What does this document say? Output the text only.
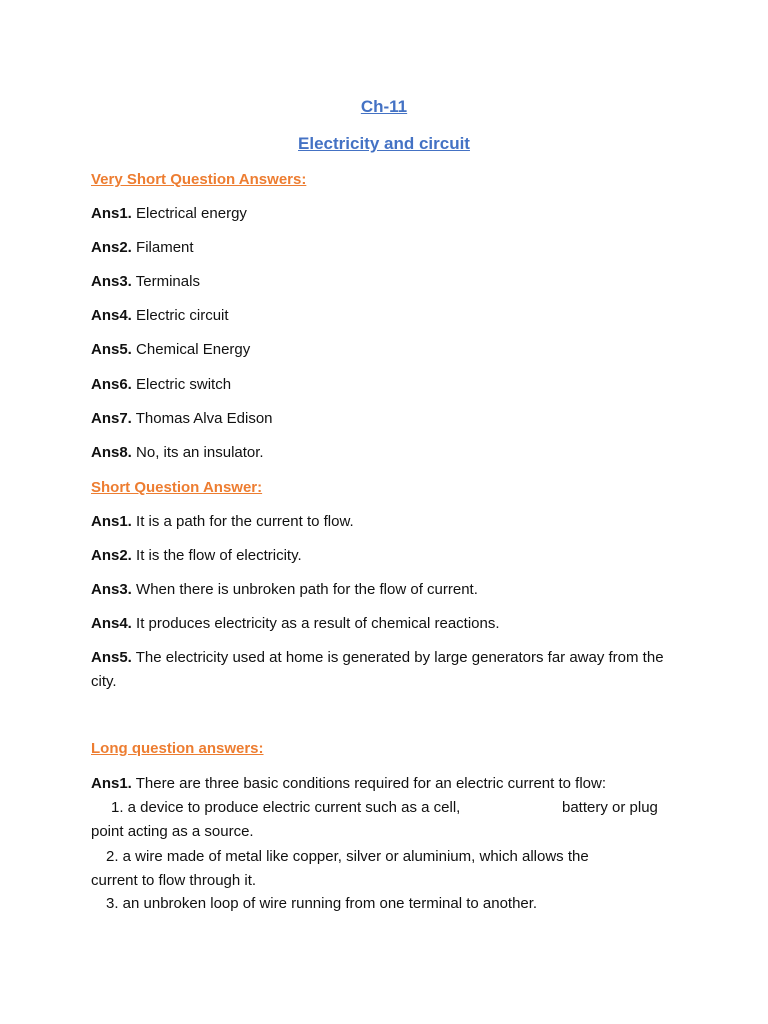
Ch-11
Electricity and circuit
Very Short Question Answers:
Ans1. Electrical energy
Ans2. Filament
Ans3. Terminals
Ans4. Electric circuit
Ans5. Chemical Energy
Ans6. Electric switch
Ans7. Thomas Alva Edison
Ans8. No, its an insulator.
Short Question Answer:
Ans1. It is a path for the current to flow.
Ans2. It is the flow of electricity.
Ans3. When there is unbroken path for the flow of current.
Ans4. It produces electricity as a result of chemical reactions.
Ans5. The electricity used at home is generated by large generators far away from the city.
Long question answers:
Ans1. There are three basic conditions required for an electric current to flow:
1. a device to produce electric current such as a cell,	battery or plug
point acting as a source.
2. a wire made of metal like copper, silver or aluminium, which allows the
current to flow through it.
3. an unbroken loop of wire running from one terminal to another.
